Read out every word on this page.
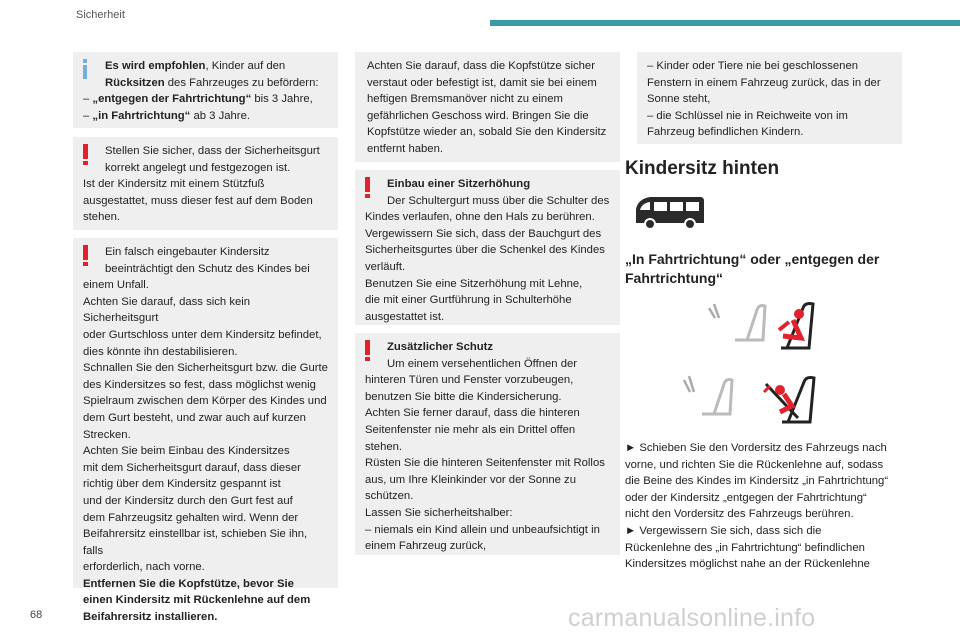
Sicherheit
Es wird empfohlen, Kinder auf den
Rücksitzen des Fahrzeuges zu befördern:

– „entgegen der Fahrtrichtung“ bis 3 Jahre,

– „in Fahrtrichtung“ ab 3 Jahre.

Stellen Sie sicher, dass der Sicherheitsgurt
korrekt angelegt und festgezogen ist.

Ist der Kindersitz mit einem Stützfuß

ausgestattet, muss dieser fest auf dem Boden

stehen.

Ein falsch eingebauter Kindersitz
beeinträchtigt den Schutz des Kindes bei

einem Unfall.

Achten Sie darauf, dass sich kein Sicherheitsgurt

oder Gurtschloss unter dem Kindersitz befindet,

dies könnte ihn destabilisieren.

Schnallen Sie den Sicherheitsgurt bzw. die Gurte

des Kindersitzes so fest, dass möglichst wenig

Spielraum zwischen dem Körper des Kindes und

dem Gurt besteht, und zwar auch auf kurzen

Strecken.

Achten Sie beim Einbau des Kindersitzes

mit dem Sicherheitsgurt darauf, dass dieser

richtig über dem Kindersitz gespannt ist

und der Kindersitz durch den Gurt fest auf

dem Fahrzeugsitz gehalten wird. Wenn der

Beifahrersitz einstellbar ist, schieben Sie ihn, falls

erforderlich, nach vorne.

Entfernen Sie die Kopfstütze, bevor Sie

einen Kindersitz mit Rückenlehne auf dem

Beifahrersitz installieren.

Achten Sie darauf, dass die Kopfstütze sicher

verstaut oder befestigt ist, damit sie bei einem

heftigen Bremsmanöver nicht zu einem

gefährlichen Geschoss wird. Bringen Sie die

Kopfstütze wieder an, sobald Sie den Kindersitz

entfernt haben.

Einbau einer Sitzerhöhung
Der Schultergurt muss über die Schulter des

Kindes verlaufen, ohne den Hals zu berühren.

Vergewissern Sie sich, dass der Bauchgurt des

Sicherheitsgurtes über die Schenkel des Kindes

verläuft.

Benutzen Sie eine Sitzerhöhung mit Lehne,

die mit einer Gurtführung in Schulterhöhe

ausgestattet ist.

Zusätzlicher Schutz
Um einem versehentlichen Öffnen der

hinteren Türen und Fenster vorzubeugen,

benutzen Sie bitte die Kindersicherung.

Achten Sie ferner darauf, dass die hinteren

Seitenfenster nie mehr als ein Drittel offen

stehen.

Rüsten Sie die hinteren Seitenfenster mit Rollos

aus, um Ihre Kleinkinder vor der Sonne zu

schützen.

Lassen Sie sicherheitshalber:

– niemals ein Kind allein und unbeaufsichtigt in

einem Fahrzeug zurück,

– Kinder oder Tiere nie bei geschlossenen

Fenstern in einem Fahrzeug zurück, das in der

Sonne steht,

– die Schlüssel nie in Reichweite von im

Fahrzeug befindlichen Kindern.

Kindersitz hinten
„In Fahrtrichtung“ oder „entgegen der
Fahrtrichtung“

► Schieben Sie den Vordersitz des Fahrzeugs nach

vorne, und richten Sie die Rückenlehne auf, sodass

die Beine des Kindes im Kindersitz „in Fahrtrichtung“

oder der Kindersitz „entgegen der Fahrtrichtung“

nicht den Vordersitz des Fahrzeugs berühren.

► Vergewissern Sie sich, dass sich die

Rückenlehne des „in Fahrtrichtung“ befindlichen

Kindersitzes möglichst nahe an der Rückenlehne

68	carmanualsonline.info
